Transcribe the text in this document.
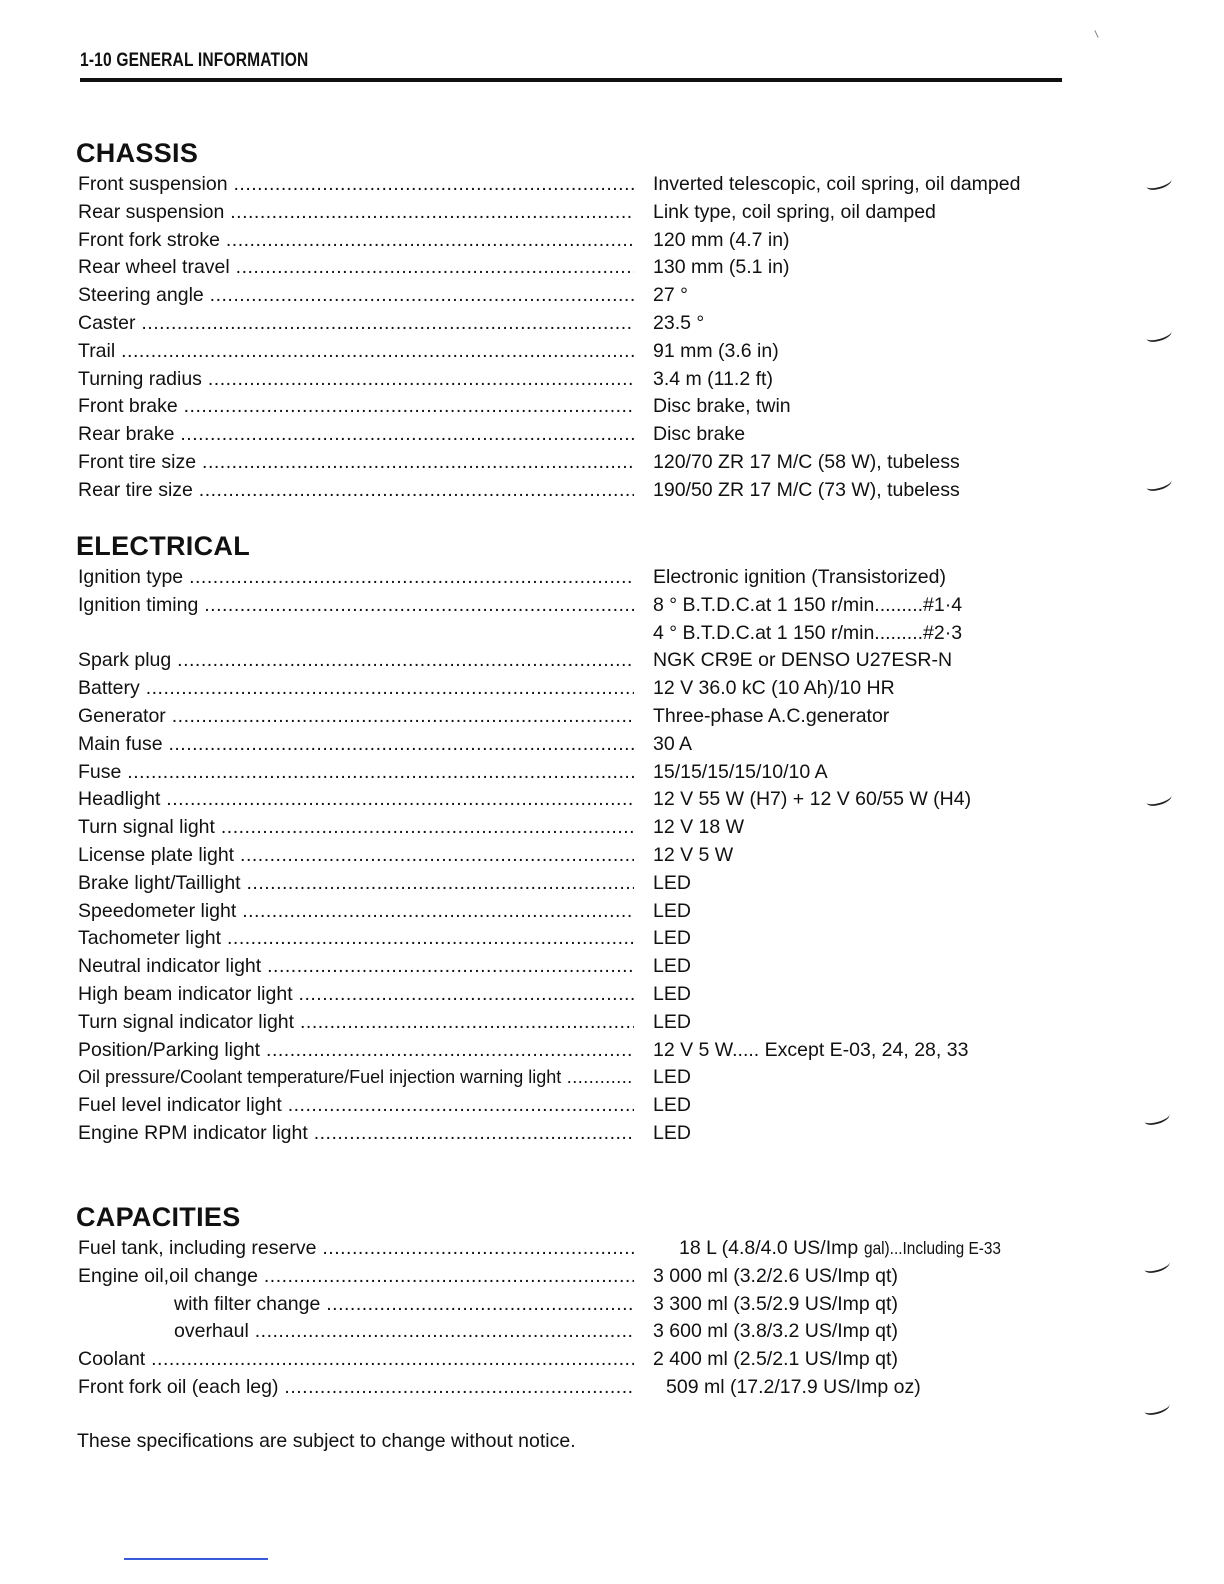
1-10 GENERAL INFORMATION
CHASSIS
Front suspension .....	Inverted telescopic, coil spring, oil damped
Rear suspension .....	Link type, coil spring, oil damped
Front fork stroke .....	120 mm (4.7 in)
Rear wheel travel .....	130 mm (5.1 in)
Steering angle .....	27 °
Caster .....	23.5 °
Trail .....	91 mm (3.6 in)
Turning radius .....	3.4 m (11.2 ft)
Front brake .....	Disc brake, twin
Rear brake .....	Disc brake
Front tire size .....	120/70 ZR 17 M/C (58 W), tubeless
Rear tire size .....	190/50 ZR 17 M/C (73 W), tubeless
ELECTRICAL
Ignition type .....	Electronic ignition (Transistorized)
Ignition timing .....	8 ° B.T.D.C.at 1 150 r/min.........#1·4
4 ° B.T.D.C.at 1 150 r/min.........#2·3
Spark plug .....	NGK CR9E or DENSO U27ESR-N
Battery .....	12 V 36.0 kC (10 Ah)/10 HR
Generator .....	Three-phase A.C.generator
Main fuse .....	30 A
Fuse .....	15/15/15/15/10/10 A
Headlight .....	12 V 55 W (H7) + 12 V 60/55 W (H4)
Turn signal light .....	12 V 18 W
License plate light .....	12 V 5 W
Brake light/Taillight .....	LED
Speedometer light .....	LED
Tachometer light .....	LED
Neutral indicator light .....	LED
High beam indicator light .....	LED
Turn signal indicator light .....	LED
Position/Parking light .....	12 V 5 W..... Except E-03, 24, 28, 33
Oil pressure/Coolant temperature/Fuel injection warning light .....	LED
Fuel level indicator light .....	LED
Engine RPM indicator light .....	LED
CAPACITIES
Fuel tank, including reserve .....	18 L (4.8/4.0 US/Imp gal)...Including E-33
Engine oil,oil change .....	3 000 ml (3.2/2.6 US/Imp qt)
with filter change .....	3 300 ml (3.5/2.9 US/Imp qt)
overhaul .....	3 600 ml (3.8/3.2 US/Imp qt)
Coolant .....	2 400 ml (2.5/2.1 US/Imp qt)
Front fork oil (each leg) .....	509 ml (17.2/17.9 US/Imp oz)
These specifications are subject to change without notice.
